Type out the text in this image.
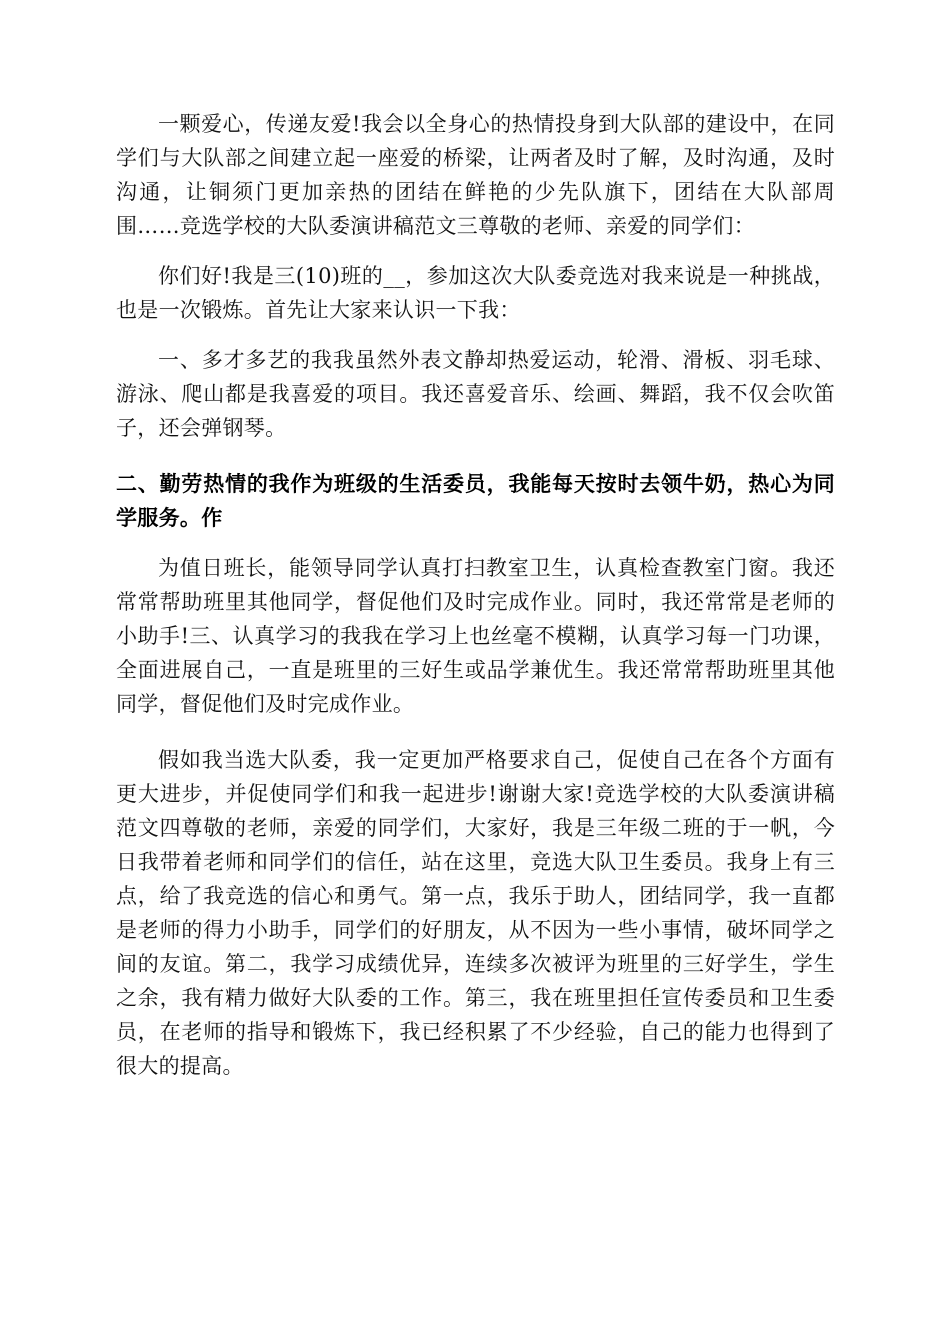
一颗爱心，传递友爱!我会以全身心的热情投身到大队部的建设中，在同学们与大队部之间建立起一座爱的桥梁，让两者及时了解，及时沟通，及时沟通，让铜须门更加亲热的团结在鲜艳的少先队旗下，团结在大队部周围……竞选学校的大队委演讲稿范文三尊敬的老师、亲爱的同学们：

你们好!我是三(10)班的__，参加这次大队委竞选对我来说是一种挑战，也是一次锻炼。首先让大家来认识一下我：

一、多才多艺的我我虽然外表文静却热爱运动，轮滑、滑板、羽毛球、游泳、爬山都是我喜爱的项目。我还喜爱音乐、绘画、舞蹈，我不仅会吹笛子，还会弹钢琴。

二、勤劳热情的我作为班级的生活委员，我能每天按时去领牛奶，热心为同学服务。作

为值日班长，能领导同学认真打扫教室卫生，认真检查教室门窗。我还常常帮助班里其他同学，督促他们及时完成作业。同时，我还常常是老师的小助手!三、认真学习的我我在学习上也丝毫不模糊，认真学习每一门功课，全面进展自己，一直是班里的三好生或品学兼优生。我还常常帮助班里其他同学，督促他们及时完成作业。

假如我当选大队委，我一定更加严格要求自己，促使自己在各个方面有更大进步，并促使同学们和我一起进步!谢谢大家!竞选学校的大队委演讲稿范文四尊敬的老师，亲爱的同学们，大家好，我是三年级二班的于一帆，今日我带着老师和同学们的信任，站在这里，竞选大队卫生委员。我身上有三点，给了我竞选的信心和勇气。第一点，我乐于助人，团结同学，我一直都是老师的得力小助手，同学们的好朋友，从不因为一些小事情，破坏同学之间的友谊。第二，我学习成绩优异，连续多次被评为班里的三好学生，学生之余，我有精力做好大队委的工作。第三，我在班里担任宣传委员和卫生委员，在老师的指导和锻炼下，我已经积累了不少经验，自己的能力也得到了很大的提高。
